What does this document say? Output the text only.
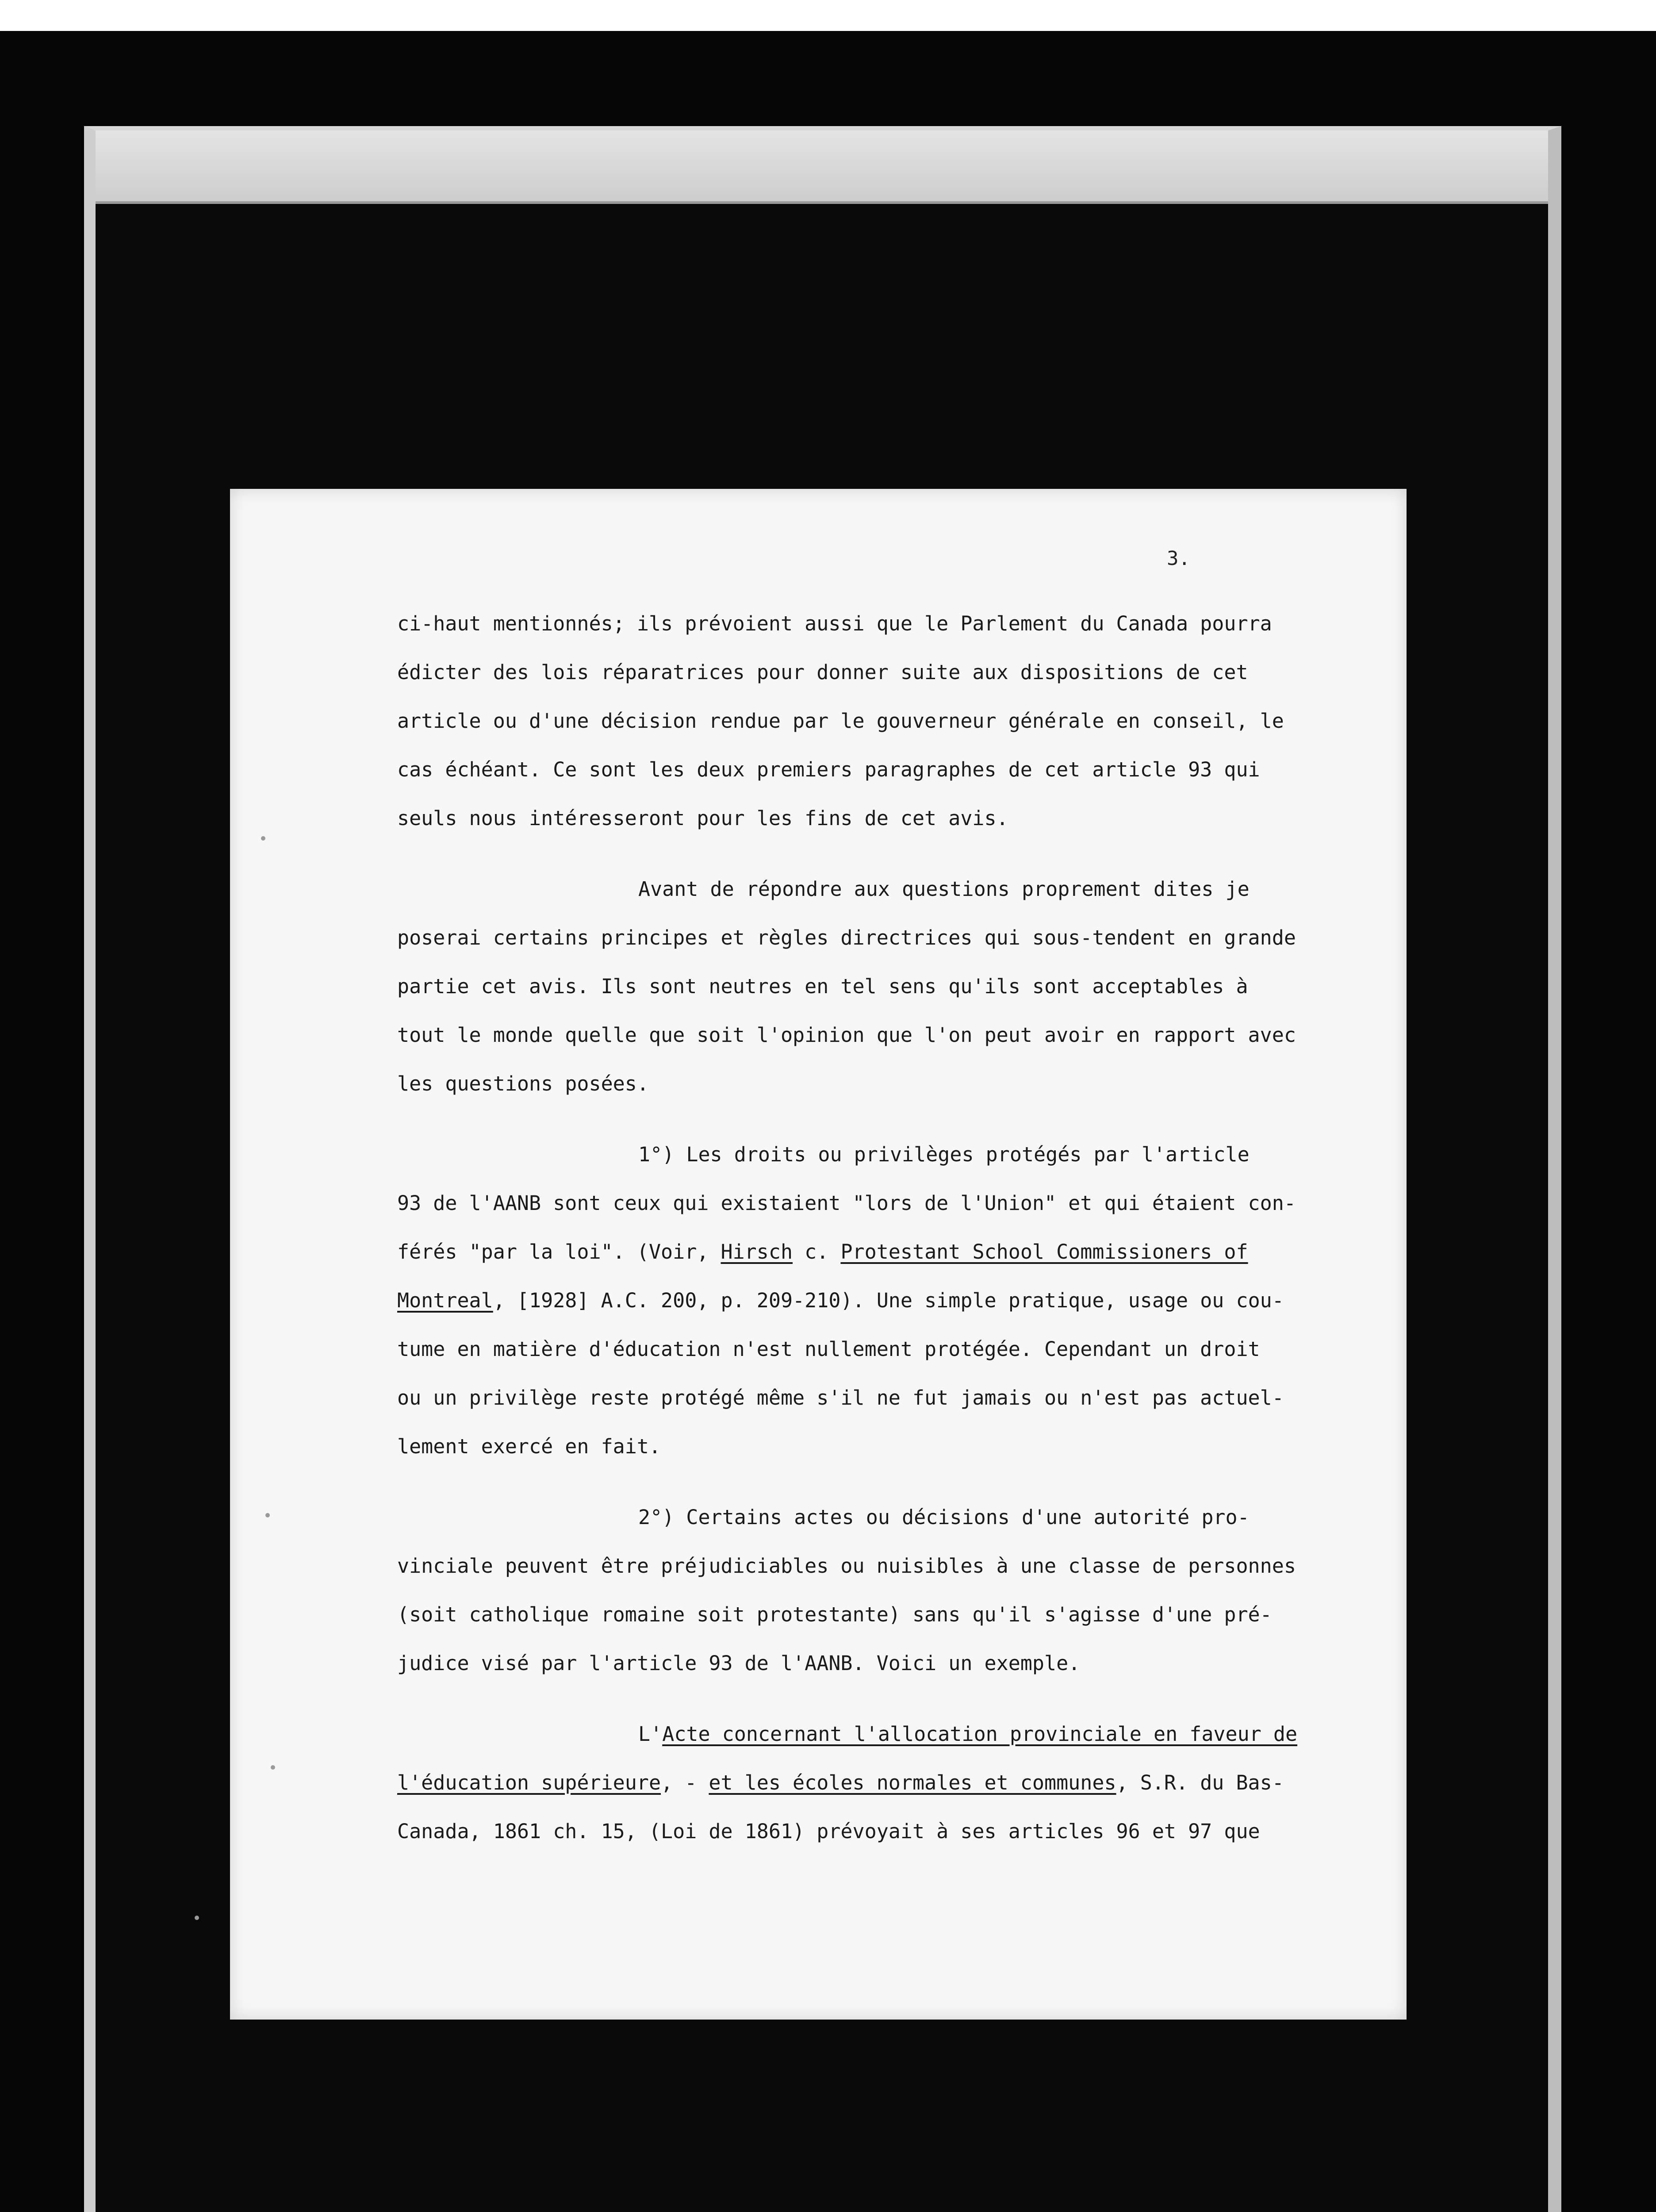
3.
ci-haut mentionnés; ils prévoient aussi que le Parlement du Canada pourra
édicter des lois réparatrices pour donner suite aux dispositions de cet
article ou d'une décision rendue par le gouverneur générale en conseil, le
cas échéant. Ce sont les deux premiers paragraphes de cet article 93 qui
seuls nous intéresseront pour les fins de cet avis.
Avant de répondre aux questions proprement dites je
poserai certains principes et règles directrices qui sous-tendent en grande
partie cet avis. Ils sont neutres en tel sens qu'ils sont acceptables à
tout le monde quelle que soit l'opinion que l'on peut avoir en rapport avec
les questions posées.
1°) Les droits ou privilèges protégés par l'article
93 de l'AANB sont ceux qui existaient "lors de l'Union" et qui étaient con-
férés "par la loi". (Voir, Hirsch c. Protestant School Commissioners of
Montreal, [1928] A.C. 200, p. 209-210). Une simple pratique, usage ou cou-
tume en matière d'éducation n'est nullement protégée. Cependant un droit
ou un privilège reste protégé même s'il ne fut jamais ou n'est pas actuel-
lement exercé en fait.
2°) Certains actes ou décisions d'une autorité pro-
vinciale peuvent être préjudiciables ou nuisibles à une classe de personnes
(soit catholique romaine soit protestante) sans qu'il s'agisse d'une pré-
judice visé par l'article 93 de l'AANB. Voici un exemple.
L'Acte concernant l'allocation provinciale en faveur de
l'éducation supérieure, - et les écoles normales et communes, S.R. du Bas-
Canada, 1861 ch. 15, (Loi de 1861) prévoyait à ses articles 96 et 97 que
